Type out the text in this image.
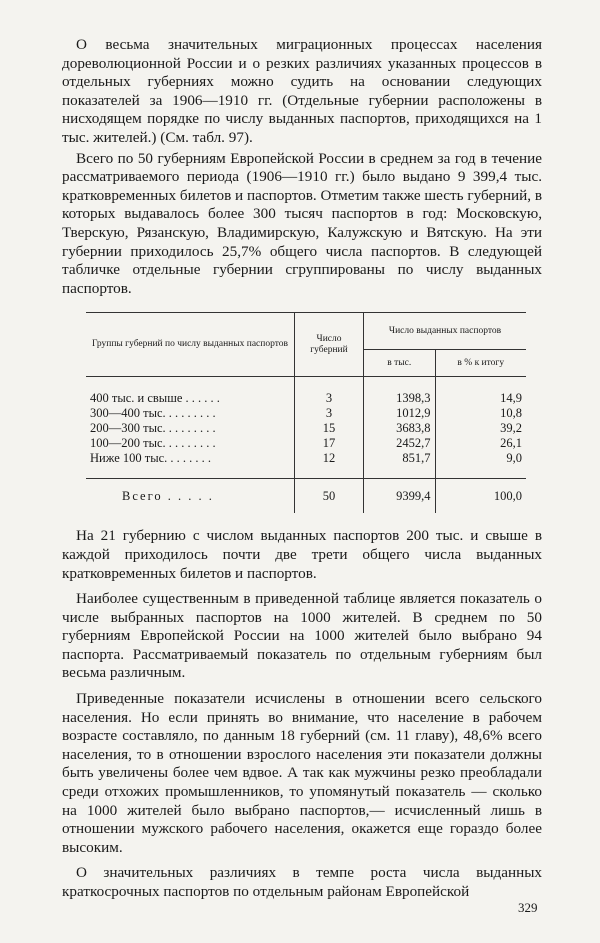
О весьма значительных миграционных процессах населения дореволюционной России и о резких различиях указанных процессов в отдельных губерниях можно судить на основании следующих показателей за 1906—1910 гг. (Отдельные губернии расположены в нисходящем порядке по числу выданных паспортов, приходящихся на 1 тыс. жителей.) (См. табл. 97).

Всего по 50 губерниям Европейской России в среднем за год в течение рассматриваемого периода (1906—1910 гг.) было выдано 9 399,4 тыс. кратковременных билетов и паспортов. Отметим также шесть губерний, в которых выдавалось более 300 тысяч паспортов в год: Московскую, Тверскую, Рязанскую, Владимирскую, Калужскую и Вятскую. На эти губернии приходилось 25,7% общего числа паспортов. В следующей табличке отдельные губернии сгруппированы по числу выданных паспортов.

Группы губерний по числу выданных паспортов	Число губерний	Число выданных паспортов	
		в тыс.	в % к итогу

400 тыс. и свыше . . . . . .	3	1398,3	14,9
300—400 тыс. . . . . . . . .	3	1012,9	10,8
200—300 тыс. . . . . . . . .	15	3683,8	39,2
100—200 тыс. . . . . . . . .	17	2452,7	26,1
Ниже 100 тыс. . . . . . . .	12	851,7	9,0

Всего . . . . .	50	9399,4	100,0

На 21 губернию с числом выданных паспортов 200 тыс. и свыше в каждой приходилось почти две трети общего числа выданных кратковременных билетов и паспортов.

Наиболее существенным в приведенной таблице является показатель о числе выбранных паспортов на 1000 жителей. В среднем по 50 губерниям Европейской России на 1000 жителей было выбрано 94 паспорта. Рассматриваемый показатель по отдельным губерниям был весьма различным.

Приведенные показатели исчислены в отношении всего сельского населения. Но если принять во внимание, что население в рабочем возрасте составляло, по данным 18 губерний (см. 11 главу), 48,6% всего населения, то в отношении взрослого населения эти показатели должны быть увеличены более чем вдвое. А так как мужчины резко преобладали среди отхожих промышленников, то упомянутый показатель — сколько на 1000 жителей было выбрано паспортов,— исчисленный лишь в отношении мужского рабочего населения, окажется еще гораздо более высоким.

О значительных различиях в темпе роста числа выданных краткосрочных паспортов по отдельным районам Европейской

329
